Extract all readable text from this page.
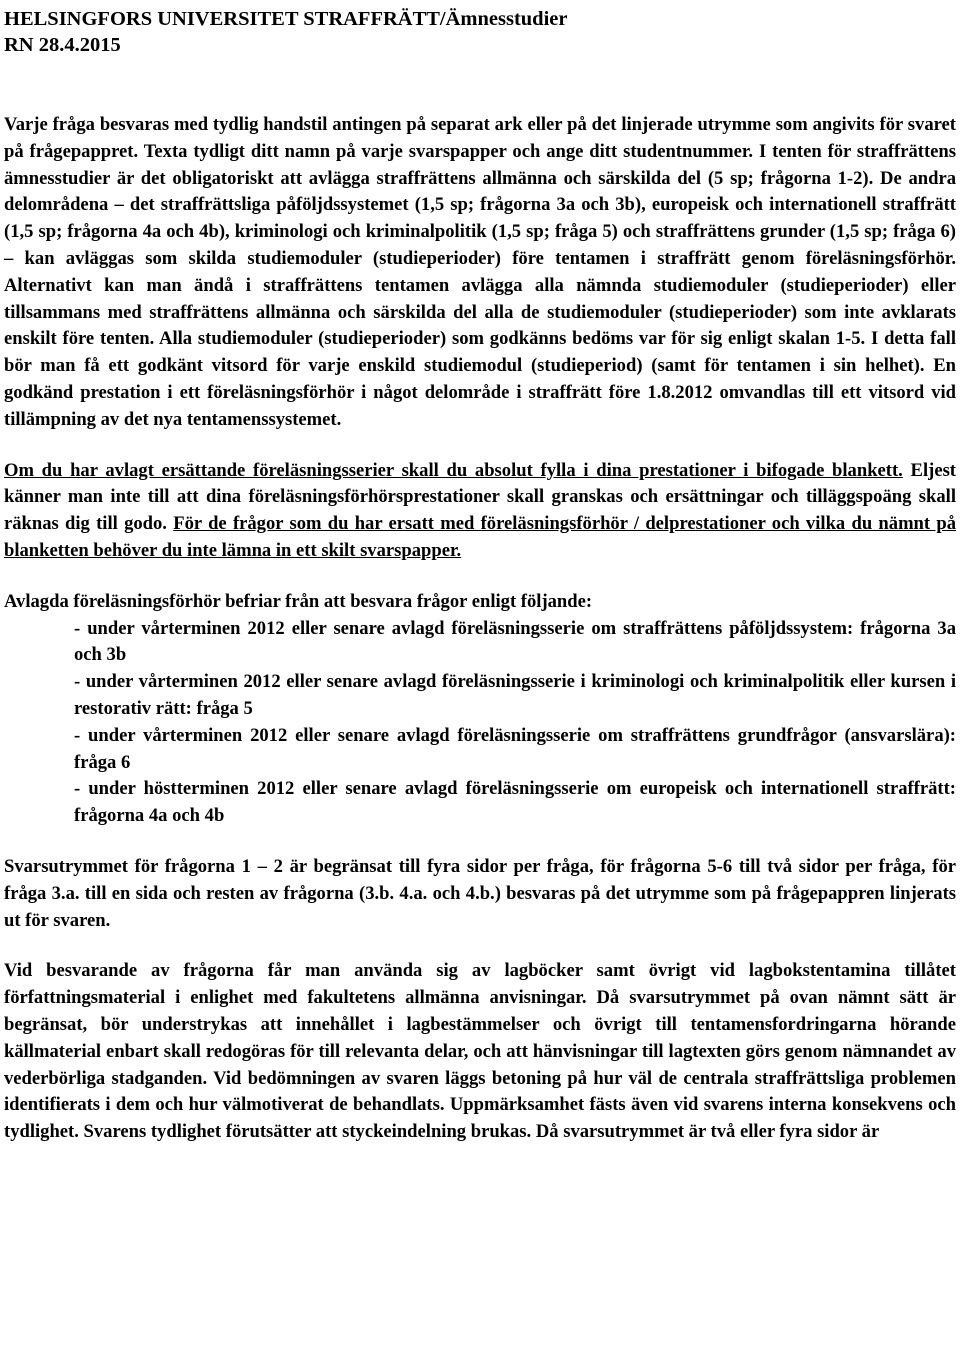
HELSINGFORS UNIVERSITET STRAFFRÄTT/Ämnesstudier

RN 28.4.2015

Varje fråga besvaras med tydlig handstil antingen på separat ark eller på det linjerade utrymme som angivits för svaret på frågepappret. Texta tydligt ditt namn på varje svarspapper och ange ditt studentnummer. I tenten för straffrättens ämnesstudier är det obligatoriskt att avlägga straffrättens allmänna och särskilda del (5 sp; frågorna 1-2). De andra delområdena – det straffrättsliga påföljdssystemet (1,5 sp; frågorna 3a och 3b), europeisk och internationell straffrätt (1,5 sp; frågorna 4a och 4b), kriminologi och kriminalpolitik (1,5 sp; fråga 5) och straffrättens grunder (1,5 sp; fråga 6) – kan avläggas som skilda studiemoduler (studieperioder) före tentamen i straffrätt genom föreläsningsförhör. Alternativt kan man ändå i straffrättens tentamen avlägga alla nämnda studiemoduler (studieperioder) eller tillsammans med straffrättens allmänna och särskilda del alla de studiemoduler (studieperioder) som inte avklarats enskilt före tenten. Alla studiemoduler (studieperioder) som godkänns bedöms var för sig enligt skalan 1-5. I detta fall bör man få ett godkänt vitsord för varje enskild studiemodul (studieperiod) (samt för tentamen i sin helhet). En godkänd prestation i ett föreläsningsförhör i något delområde i straffrätt före 1.8.2012 omvandlas till ett vitsord vid tillämpning av det nya tentamenssystemet.

Om du har avlagt ersättande föreläsningsserier skall du absolut fylla i dina prestationer i bifogade blankett. Eljest känner man inte till att dina föreläsningsförhörsprestationer skall granskas och ersättningar och tilläggspoäng skall räknas dig till godo. För de frågor som du har ersatt med föreläsningsförhör / delprestationer och vilka du nämnt på blanketten behöver du inte lämna in ett skilt svarspapper.

Avlagda föreläsningsförhör befriar från att besvara frågor enligt följande:

- under vårterminen 2012 eller senare avlagd föreläsningsserie om straffrättens påföljdssystem: frågorna 3a och 3b
- under vårterminen 2012 eller senare avlagd föreläsningsserie i kriminologi och kriminalpolitik eller kursen i restorativ rätt: fråga 5
- under vårterminen 2012 eller senare avlagd föreläsningsserie om straffrättens grundfrågor (ansvarslära): fråga 6
- under höstterminen 2012 eller senare avlagd föreläsningsserie om europeisk och internationell straffrätt: frågorna 4a och 4b

Svarsutrymmet för frågorna 1 – 2 är begränsat till fyra sidor per fråga, för frågorna 5-6 till två sidor per fråga, för fråga 3.a. till en sida och resten av frågorna (3.b. 4.a. och 4.b.) besvaras på det utrymme som på frågepappren linjerats ut för svaren.

Vid besvarande av frågorna får man använda sig av lagböcker samt övrigt vid lagbokstentamina tillåtet författningsmaterial i enlighet med fakultetens allmänna anvisningar. Då svarsutrymmet på ovan nämnt sätt är begränsat, bör understrykas att innehållet i lagbestämmelser och övrigt till tentamensfordringarna hörande källmaterial enbart skall redogöras för till relevanta delar, och att hänvisningar till lagtexten görs genom nämnandet av vederbörliga stadganden. Vid bedömningen av svaren läggs betoning på hur väl de centrala straffrättsliga problemen identifierats i dem och hur välmotiverat de behandlats. Uppmärksamhet fästs även vid svarens interna konsekvens och tydlighet. Svarens tydlighet förutsätter att styckeindelning brukas. Då svarsutrymmet är två eller fyra sidor är
